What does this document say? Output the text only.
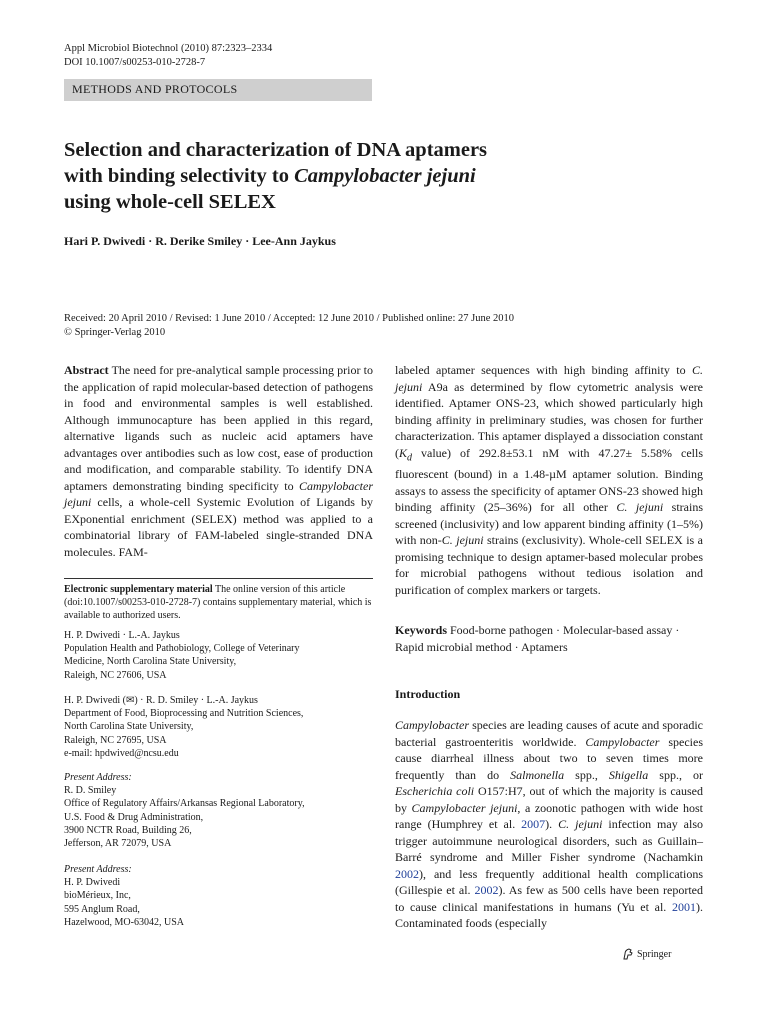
Appl Microbiol Biotechnol (2010) 87:2323–2334
DOI 10.1007/s00253-010-2728-7
METHODS AND PROTOCOLS
Selection and characterization of DNA aptamers
with binding selectivity to Campylobacter jejuni
using whole-cell SELEX
Hari P. Dwivedi · R. Derike Smiley · Lee-Ann Jaykus
Received: 20 April 2010 / Revised: 1 June 2010 / Accepted: 12 June 2010 / Published online: 27 June 2010
© Springer-Verlag 2010
Abstract The need for pre-analytical sample processing prior to the application of rapid molecular-based detection of pathogens in food and environmental samples is well established. Although immunocapture has been applied in this regard, alternative ligands such as nucleic acid aptamers have advantages over antibodies such as low cost, ease of production and modification, and comparable stability. To identify DNA aptamers demonstrating binding specificity to Campylobacter jejuni cells, a whole-cell Systemic Evolution of Ligands by EXponential enrichment (SELEX) method was applied to a combinatorial library of FAM-labeled single-stranded DNA molecules. FAM-
Electronic supplementary material The online version of this article (doi:10.1007/s00253-010-2728-7) contains supplementary material, which is available to authorized users.
H. P. Dwivedi · L.-A. Jaykus
Population Health and Pathobiology, College of Veterinary
Medicine, North Carolina State University,
Raleigh, NC 27606, USA
H. P. Dwivedi (✉) · R. D. Smiley · L.-A. Jaykus
Department of Food, Bioprocessing and Nutrition Sciences,
North Carolina State University,
Raleigh, NC 27695, USA
e-mail: hpdwived@ncsu.edu
Present Address:
R. D. Smiley
Office of Regulatory Affairs/Arkansas Regional Laboratory,
U.S. Food & Drug Administration,
3900 NCTR Road, Building 26,
Jefferson, AR 72079, USA
Present Address:
H. P. Dwivedi
bioMérieux, Inc,
595 Anglum Road,
Hazelwood, MO-63042, USA
labeled aptamer sequences with high binding affinity to C. jejuni A9a as determined by flow cytometric analysis were identified. Aptamer ONS-23, which showed particularly high binding affinity in preliminary studies, was chosen for further characterization. This aptamer displayed a dissociation constant ($K_d$ value) of 292.8±53.1 nM with 47.27± 5.58% cells fluorescent (bound) in a 1.48-µM aptamer solution. Binding assays to assess the specificity of aptamer ONS-23 showed high binding affinity (25–36%) for all other C. jejuni strains screened (inclusivity) and low apparent binding affinity (1–5%) with non-C. jejuni strains (exclusivity). Whole-cell SELEX is a promising technique to design aptamer-based molecular probes for microbial pathogens without tedious isolation and purification of complex markers or targets.
Keywords Food-borne pathogen · Molecular-based assay · Rapid microbial method · Aptamers
Introduction
Campylobacter species are leading causes of acute and sporadic bacterial gastroenteritis worldwide. Campylobacter species cause diarrheal illness about two to seven times more frequently than do Salmonella spp., Shigella spp., or Escherichia coli O157:H7, out of which the majority is caused by Campylobacter jejuni, a zoonotic pathogen with wide host range (Humphrey et al. 2007). C. jejuni infection may also trigger autoimmune neurological disorders, such as Guillain–Barré syndrome and Miller Fisher syndrome (Nachamkin 2002), and less frequently additional health complications (Gillespie et al. 2002). As few as 500 cells have been reported to cause clinical manifestations in humans (Yu et al. 2001). Contaminated foods (especially
Springer
